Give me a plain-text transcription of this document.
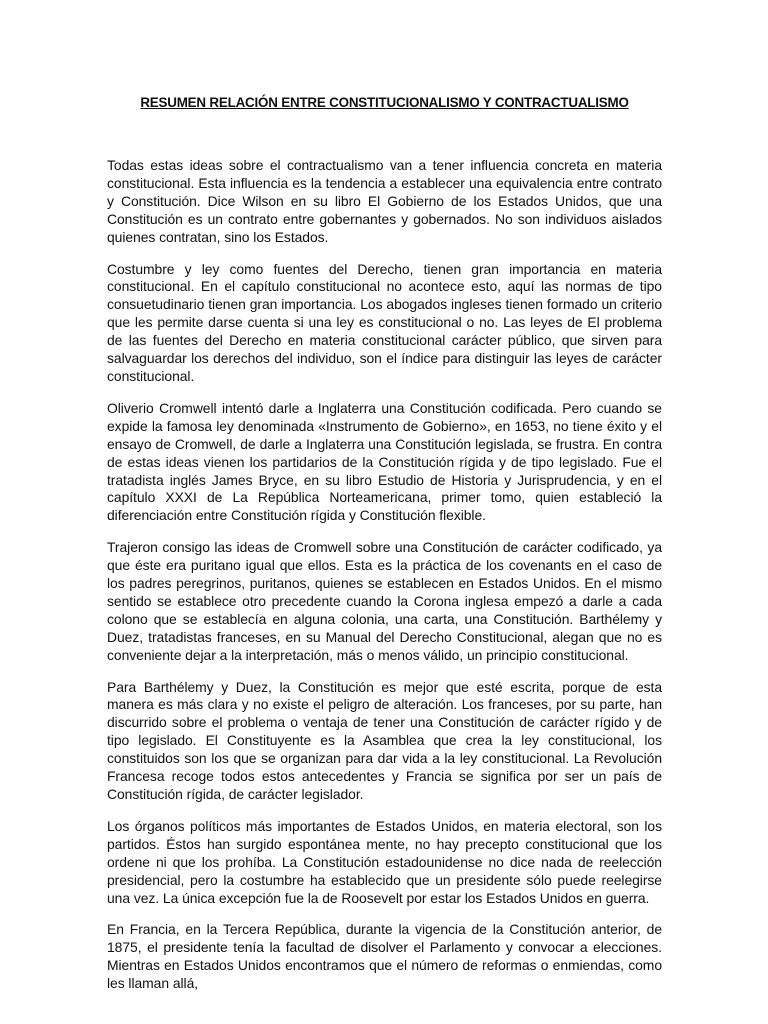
RESUMEN RELACIÓN ENTRE CONSTITUCIONALISMO Y CONTRACTUALISMO

Todas estas ideas sobre el contractualismo van a tener influencia concreta en materia constitucional. Esta influencia es la tendencia a establecer una equivalencia entre contrato y Constitución. Dice Wilson en su libro El Gobierno de los Estados Unidos, que una Constitución es un contrato entre gobernantes y gobernados. No son individuos aislados quienes contratan, sino los Estados.

Costumbre y ley como fuentes del Derecho, tienen gran importancia en materia constitucional. En el capítulo constitucional no acontece esto, aquí las normas de tipo consuetudinario tienen gran importancia. Los abogados ingleses tienen formado un criterio que les permite darse cuenta si una ley es constitucional o no. Las leyes de El problema de las fuentes del Derecho en materia constitucional carácter público, que sirven para salvaguardar los derechos del individuo, son el índice para distinguir las leyes de carácter constitucional.

Oliverio Cromwell intentó darle a Inglaterra una Constitución codificada. Pero cuando se expide la famosa ley denominada «Instrumento de Gobierno», en 1653, no tiene éxito y el ensayo de Cromwell, de darle a Inglaterra una Constitución legislada, se frustra. En contra de estas ideas vienen los partidarios de la Constitución rígida y de tipo legislado. Fue el tratadista inglés James Bryce, en su libro Estudio de Historia y Jurisprudencia, y en el capítulo XXXI de La República Norteamericana, primer tomo, quien estableció la diferenciación entre Constitución rígida y Constitución flexible.

Trajeron consigo las ideas de Cromwell sobre una Constitución de carácter codificado, ya que éste era puritano igual que ellos. Esta es la práctica de los covenants en el caso de los padres peregrinos, puritanos, quienes se establecen en Estados Unidos. En el mismo sentido se establece otro precedente cuando la Corona inglesa empezó a darle a cada colono que se establecía en alguna colonia, una carta, una Constitución. Barthélemy y Duez, tratadistas franceses, en su Manual del Derecho Constitucional, alegan que no es conveniente dejar a la interpretación, más o menos válido, un principio constitucional.

Para Barthélemy y Duez, la Constitución es mejor que esté escrita, porque de esta manera es más clara y no existe el peligro de alteración. Los franceses, por su parte, han discurrido sobre el problema o ventaja de tener una Constitución de carácter rígido y de tipo legislado. El Constituyente es la Asamblea que crea la ley constitucional, los constituidos son los que se organizan para dar vida a la ley constitucional. La Revolución Francesa recoge todos estos antecedentes y Francia se significa por ser un país de Constitución rígida, de carácter legislador.

Los órganos políticos más importantes de Estados Unidos, en materia electoral, son los partidos. Éstos han surgido espontánea mente, no hay precepto constitucional que los ordene ni que los prohíba. La Constitución estadounidense no dice nada de reelección presidencial, pero la costumbre ha establecido que un presidente sólo puede reelegirse una vez. La única excepción fue la de Roosevelt por estar los Estados Unidos en guerra.

En Francia, en la Tercera República, durante la vigencia de la Constitución anterior, de 1875, el presidente tenía la facultad de disolver el Parlamento y convocar a elecciones. Mientras en Estados Unidos encontramos que el número de reformas o enmiendas, como les llaman allá,
